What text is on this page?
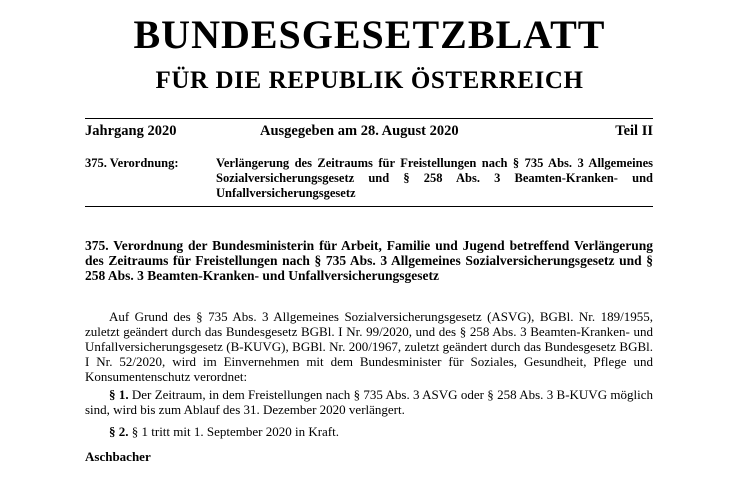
BUNDESGESETZBLATT
FÜR DIE REPUBLIK ÖSTERREICH
Jahrgang 2020	Ausgegeben am 28. August 2020	Teil II
375. Verordnung:	Verlängerung des Zeitraums für Freistellungen nach § 735 Abs. 3 Allgemeines Sozialversicherungsgesetz und § 258 Abs. 3 Beamten-Kranken- und Unfallversicherungsgesetz
375. Verordnung der Bundesministerin für Arbeit, Familie und Jugend betreffend Verlängerung des Zeitraums für Freistellungen nach § 735 Abs. 3 Allgemeines Sozialversicherungsgesetz und § 258 Abs. 3 Beamten-Kranken- und Unfallversicherungsgesetz
Auf Grund des § 735 Abs. 3 Allgemeines Sozialversicherungsgesetz (ASVG), BGBl. Nr. 189/1955, zuletzt geändert durch das Bundesgesetz BGBl. I Nr. 99/2020, und des § 258 Abs. 3 Beamten-Kranken- und Unfallversicherungsgesetz (B-KUVG), BGBl. Nr. 200/1967, zuletzt geändert durch das Bundesgesetz BGBl. I Nr. 52/2020, wird im Einvernehmen mit dem Bundesminister für Soziales, Gesundheit, Pflege und Konsumentenschutz verordnet:
§ 1. Der Zeitraum, in dem Freistellungen nach § 735 Abs. 3 ASVG oder § 258 Abs. 3 B-KUVG möglich sind, wird bis zum Ablauf des 31. Dezember 2020 verlängert.
§ 2. § 1 tritt mit 1. September 2020 in Kraft.
Aschbacher
